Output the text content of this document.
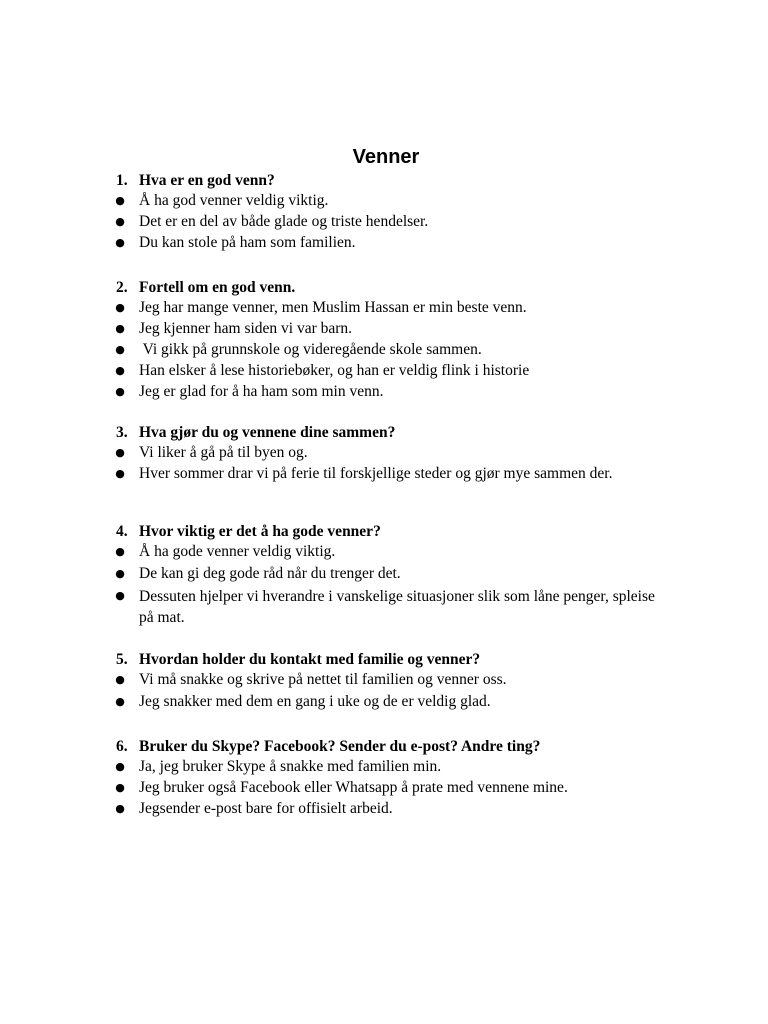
Venner
1. Hva er en god venn?
● Å ha god venner veldig viktig.
● Det er en del av både glade og triste hendelser.
● Du kan stole på ham som familien.
2. Fortell om en god venn.
● Jeg har mange venner, men Muslim Hassan er min beste venn.
● Jeg kjenner ham siden vi var barn.
● Vi gikk på grunnskole og videregående skole sammen.
● Han elsker å lese historiebøker, og han er veldig flink i historie
● Jeg er glad for å ha ham som min venn.
3. Hva gjør du og vennene dine sammen?
● Vi liker å gå på til byen og.
● Hver sommer drar vi på ferie til forskjellige steder og gjør mye sammen der.
4. Hvor viktig er det å ha gode venner?
● Å ha gode venner veldig viktig.
● De kan gi deg gode råd når du trenger det.
● Dessuten hjelper vi hverandre i vanskelige situasjoner slik som låne penger, spleise på mat.
5. Hvordan holder du kontakt med familie og venner?
● Vi må snakke og skrive på nettet til familien og venner oss.
● Jeg snakker med dem en gang i uke og de er veldig glad.
6. Bruker du Skype? Facebook? Sender du e-post? Andre ting?
● Ja, jeg bruker Skype å snakke med familien min.
● Jeg bruker også Facebook eller Whatsapp å prate med vennene mine.
● Jegsender e-post bare for offisielt arbeid.
